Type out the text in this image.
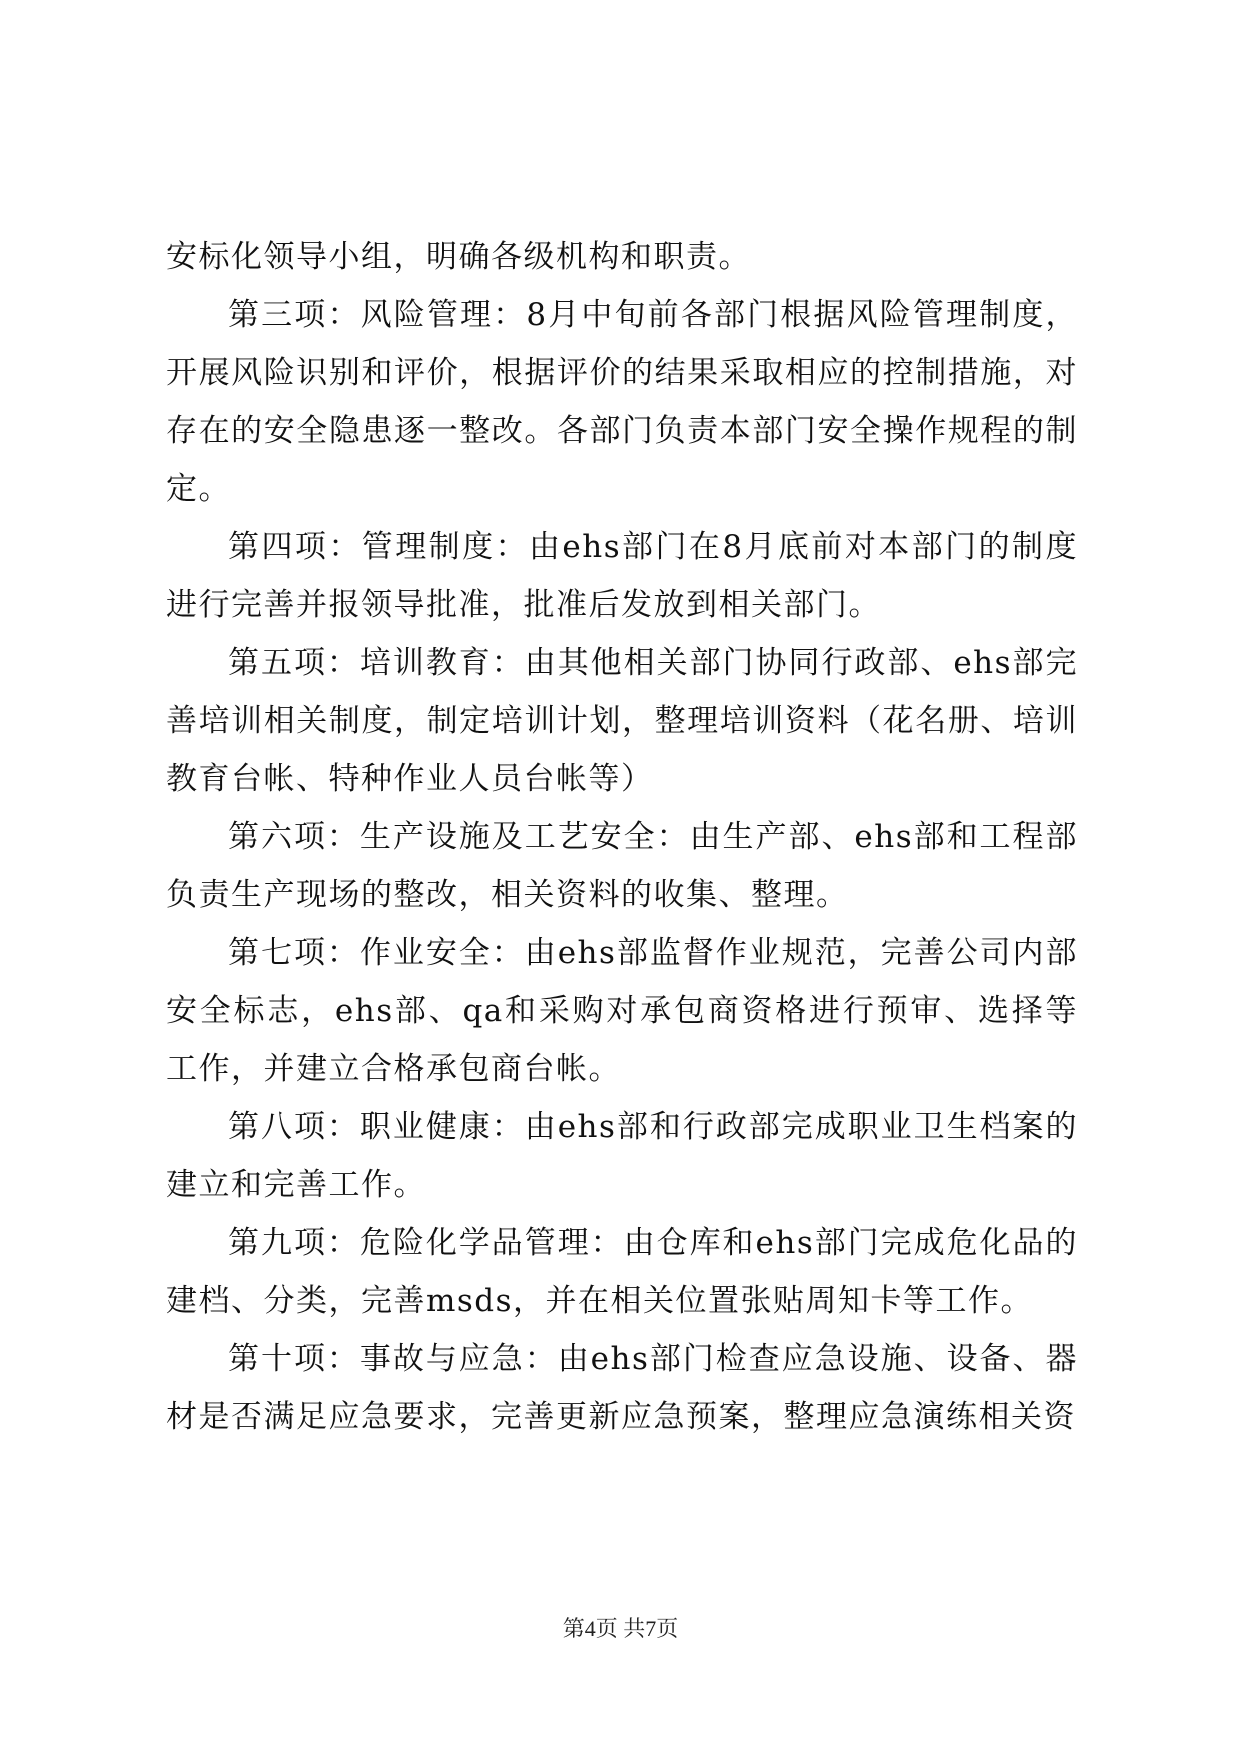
安标化领导小组，明确各级机构和职责。

第三项：风险管理：8月中旬前各部门根据风险管理制度，开展风险识别和评价，根据评价的结果采取相应的控制措施，对存在的安全隐患逐一整改。各部门负责本部门安全操作规程的制定。

第四项：管理制度：由ehs部门在8月底前对本部门的制度进行完善并报领导批准，批准后发放到相关部门。

第五项：培训教育：由其他相关部门协同行政部、ehs部完善培训相关制度，制定培训计划，整理培训资料（花名册、培训教育台帐、特种作业人员台帐等）

第六项：生产设施及工艺安全：由生产部、ehs部和工程部负责生产现场的整改，相关资料的收集、整理。

第七项：作业安全：由ehs部监督作业规范，完善公司内部安全标志，ehs部、qa和采购对承包商资格进行预审、选择等工作，并建立合格承包商台帐。

第八项：职业健康：由ehs部和行政部完成职业卫生档案的建立和完善工作。

第九项：危险化学品管理：由仓库和ehs部门完成危化品的建档、分类，完善msds，并在相关位置张贴周知卡等工作。

第十项：事故与应急：由ehs部门检查应急设施、设备、器材是否满足应急要求，完善更新应急预案，整理应急演练相关资

第4页 共7页
